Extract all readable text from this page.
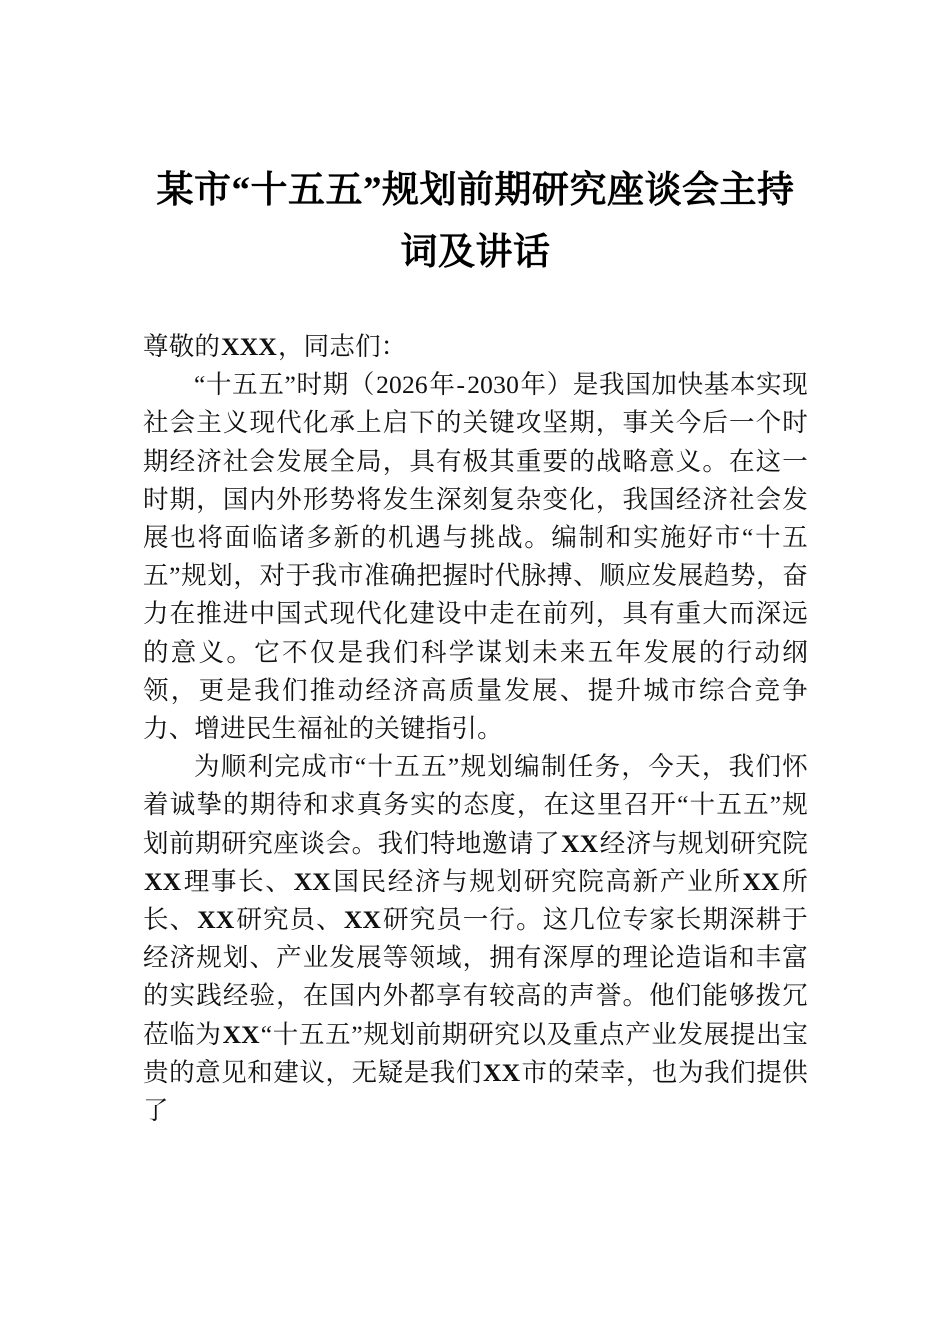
某市“十五五”规划前期研究座谈会主持词及讲话

尊敬的XXX，同志们：

“十五五”时期（2026年-2030年）是我国加快基本实现社会主义现代化承上启下的关键攻坚期，事关今后一个时期经济社会发展全局，具有极其重要的战略意义。在这一时期，国内外形势将发生深刻复杂变化，我国经济社会发展也将面临诸多新的机遇与挑战。编制和实施好市“十五五”规划，对于我市准确把握时代脉搏、顺应发展趋势，奋力在推进中国式现代化建设中走在前列，具有重大而深远的意义。它不仅是我们科学谋划未来五年发展的行动纲领，更是我们推动经济高质量发展、提升城市综合竞争力、增进民生福祉的关键指引。

为顺利完成市“十五五”规划编制任务，今天，我们怀着诚挚的期待和求真务实的态度，在这里召开“十五五”规划前期研究座谈会。我们特地邀请了XX经济与规划研究院XX理事长、XX国民经济与规划研究院高新产业所XX所长、XX研究员、XX研究员一行。这几位专家长期深耕于经济规划、产业发展等领域，拥有深厚的理论造诣和丰富的实践经验，在国内外都享有较高的声誉。他们能够拨冗莅临为XX“十五五”规划前期研究以及重点产业发展提出宝贵的意见和建议，无疑是我们XX市的荣幸，也为我们提供了
